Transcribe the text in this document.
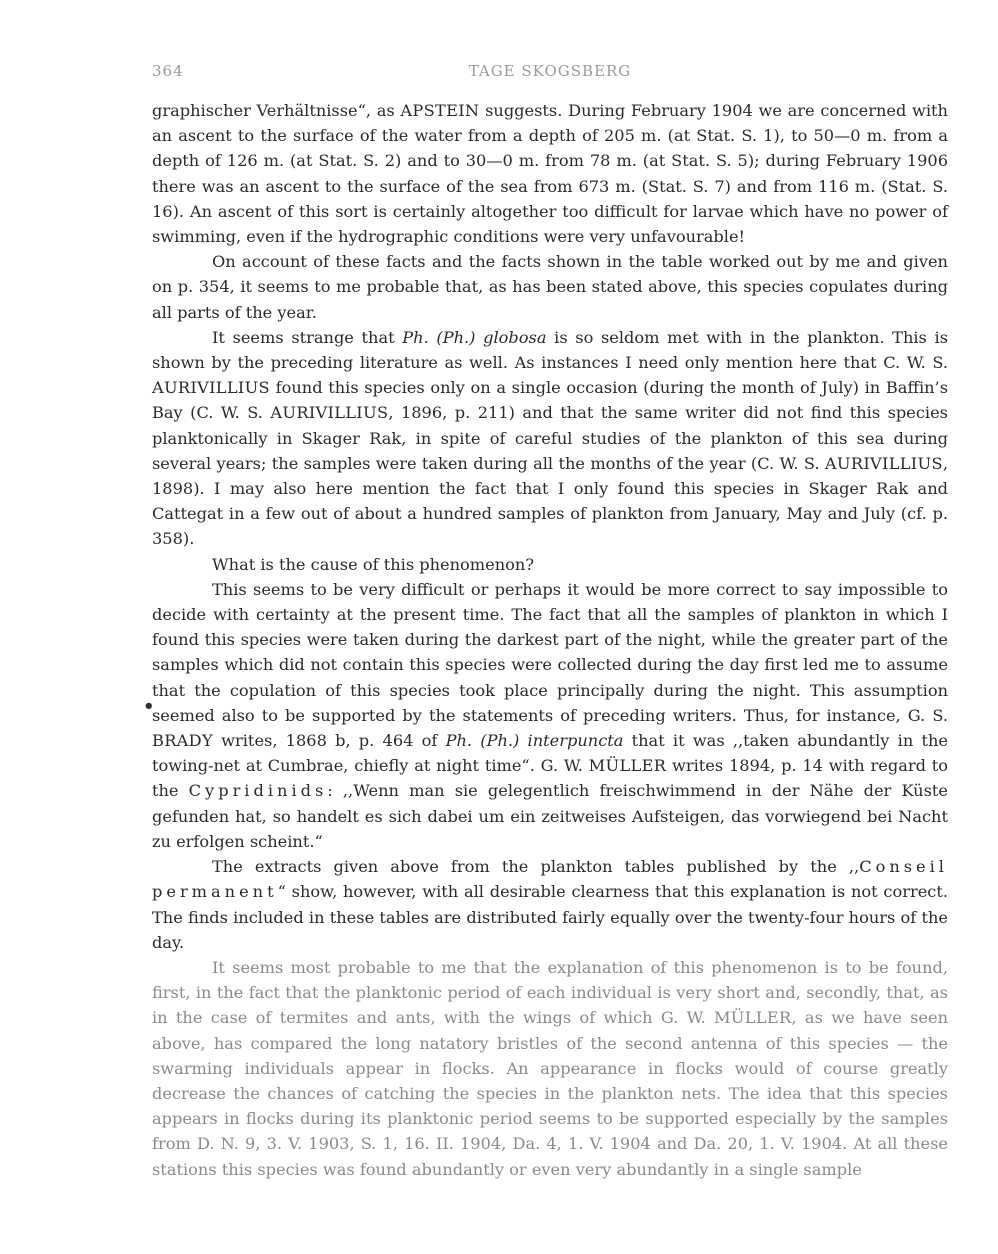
364	TAGE SKOGSBERG
•

graphischer Verhältnisse“, as APSTEIN suggests. During February 1904 we are concerned with an ascent to the surface of the water from a depth of 205 m. (at Stat. S. 1), to 50—0 m. from a depth of 126 m. (at Stat. S. 2) and to 30—0 m. from 78 m. (at Stat. S. 5); during February 1906 there was an ascent to the surface of the sea from 673 m. (Stat. S. 7) and from 116 m. (Stat. S. 16). An ascent of this sort is certainly altogether too difficult for larvae which have no power of swimming, even if the hydrographic conditions were very unfavourable!

On account of these facts and the facts shown in the table worked out by me and given on p. 354, it seems to me probable that, as has been stated above, this species copulates during all parts of the year.

It seems strange that Ph. (Ph.) globosa is so seldom met with in the plankton. This is shown by the preceding literature as well. As instances I need only mention here that C. W. S. AURIVILLIUS found this species only on a single occasion (during the month of July) in Baffin’s Bay (C. W. S. AURIVILLIUS, 1896, p. 211) and that the same writer did not find this species planktonically in Skager Rak, in spite of careful studies of the plankton of this sea during several years; the samples were taken during all the months of the year (C. W. S. AURIVILLIUS, 1898). I may also here mention the fact that I only found this species in Skager Rak and Cattegat in a few out of about a hundred samples of plankton from January, May and July (cf. p. 358).

What is the cause of this phenomenon?

This seems to be very difficult or perhaps it would be more correct to say impossible to decide with certainty at the present time. The fact that all the samples of plankton in which I found this species were taken during the darkest part of the night, while the greater part of the samples which did not contain this species were collected during the day first led me to assume that the copulation of this species took place principally during the night. This assumption seemed also to be supported by the statements of preceding writers. Thus, for instance, G. S. BRADY writes, 1868 b, p. 464 of Ph. (Ph.) interpuncta that it was ,,taken abundantly in the towing-net at Cumbrae, chiefly at night time“. G. W. MÜLLER writes 1894, p. 14 with regard to the Cypridinids: ,,Wenn man sie gelegentlich freischwimmend in der Nähe der Küste gefunden hat, so handelt es sich dabei um ein zeitweises Aufsteigen, das vorwiegend bei Nacht zu erfolgen scheint.“

The extracts given above from the plankton tables published by the ,,Conseil permanent“ show, however, with all desirable clearness that this explanation is not correct. The finds included in these tables are distributed fairly equally over the twenty-four hours of the day.

It seems most probable to me that the explanation of this phenomenon is to be found, first, in the fact that the planktonic period of each individual is very short and, secondly, that, as in the case of termites and ants, with the wings of which G. W. MÜLLER, as we have seen above, has compared the long natatory bristles of the second antenna of this species — the swarming individuals appear in flocks. An appearance in flocks would of course greatly decrease the chances of catching the species in the plankton nets. The idea that this species appears in flocks during its planktonic period seems to be supported especially by the samples from D. N. 9, 3. V. 1903, S. 1, 16. II. 1904, Da. 4, 1. V. 1904 and Da. 20, 1. V. 1904. At all these stations this species was found abundantly or even very abundantly in a single sample
